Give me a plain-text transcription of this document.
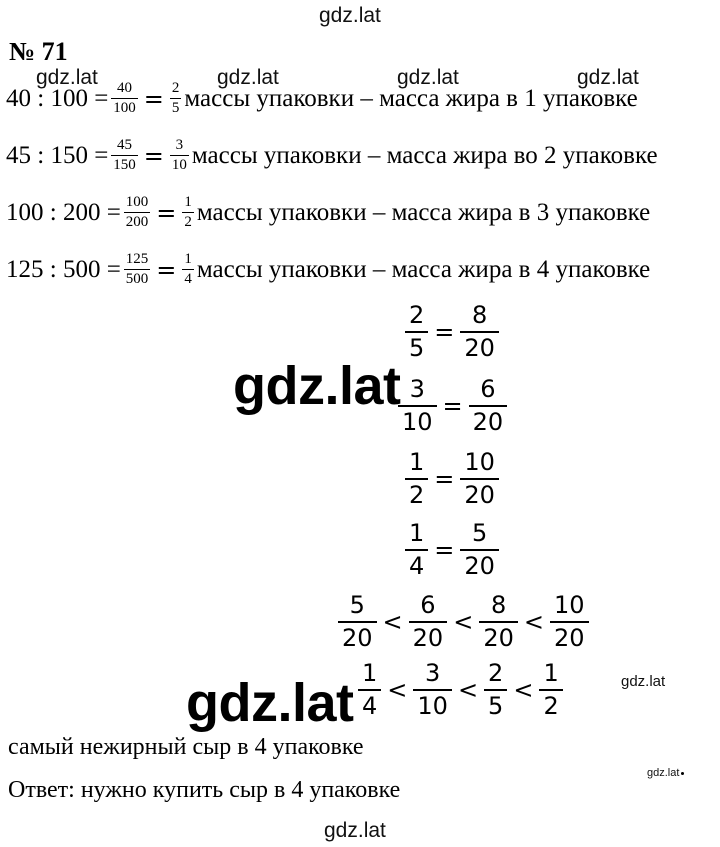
gdz.lat
gdz.lat	gdz.lat	gdz.lat	gdz.lat
gdz.lat
gdz.lat	gdz.lat
gdz.lat
gdz.lat
№ 71
40 : $100 = \frac{40}{100} = \frac{2}{5}$ массы упаковки – масса жира в 1 упаковке
45 : $150 = \frac{45}{150} = \frac{3}{10}$ массы упаковки – масса жира во 2 упаковке
100 : $200 = \frac{100}{200} = \frac{1}{2}$ массы упаковки – масса жира в 3 упаковке
125 : $500 = \frac{125}{500} = \frac{1}{4}$ массы упаковки – масса жира в 4 упаковке
$\frac{2}{5} = \frac{8}{20}$
$\frac{3}{10} = \frac{6}{20}$
$\frac{1}{2} = \frac{10}{20}$
$\frac{1}{4} = \frac{5}{20}$
$\frac{5}{20} < \frac{6}{20} < \frac{8}{20} < \frac{10}{20}$
$\frac{1}{4} < \frac{3}{10} < \frac{2}{5} < \frac{1}{2}$
самый нежирный сыр в 4 упаковке
Ответ: нужно купить сыр в 4 упаковке
